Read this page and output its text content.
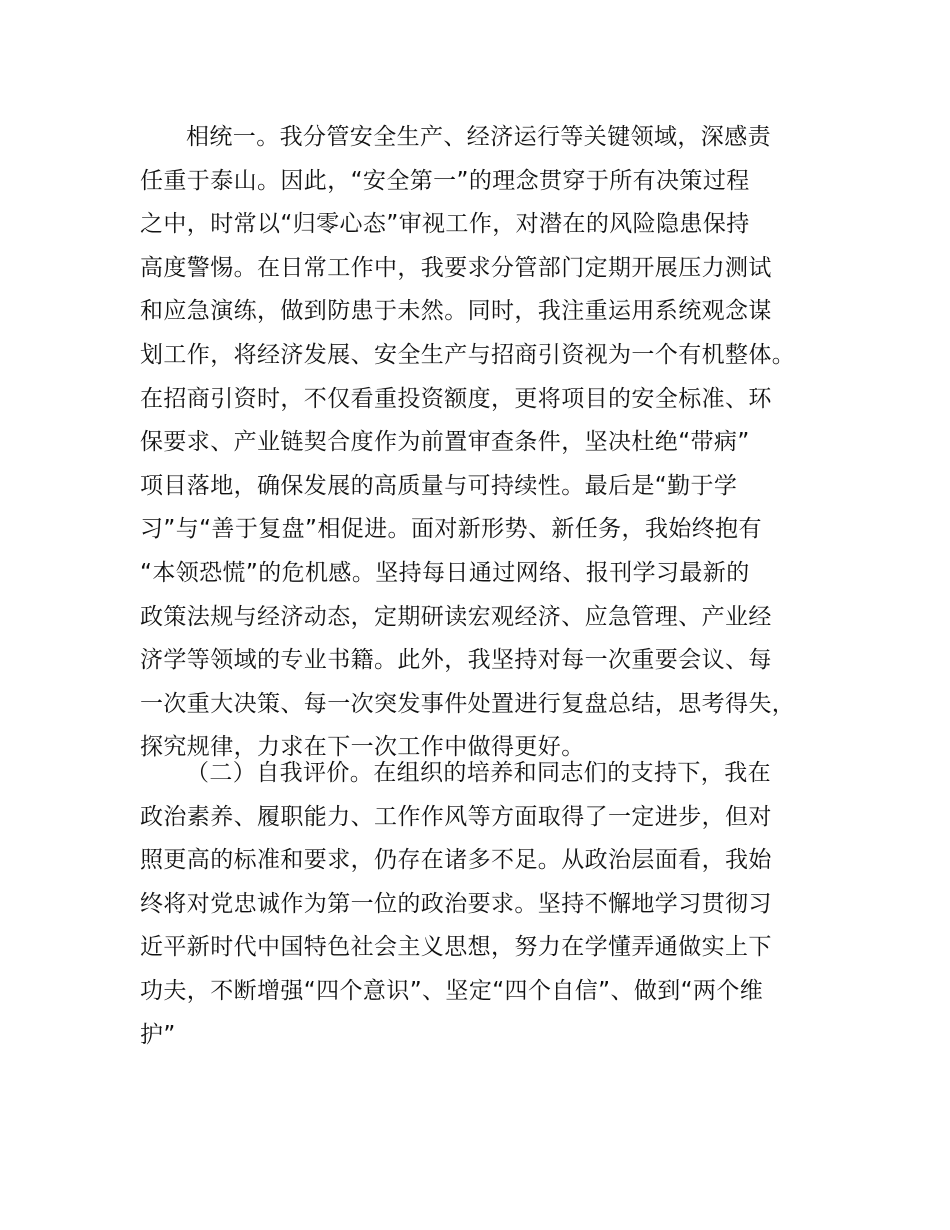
相统一。我分管安全生产、经济运行等关键领域，深感责
任重于泰山。因此，“安全第一”的理念贯穿于所有决策过程
之中，时常以“归零心态”审视工作，对潜在的风险隐患保持
高度警惕。在日常工作中，我要求分管部门定期开展压力测试
和应急演练，做到防患于未然。同时，我注重运用系统观念谋
划工作，将经济发展、安全生产与招商引资视为一个有机整体。
在招商引资时，不仅看重投资额度，更将项目的安全标准、环
保要求、产业链契合度作为前置审查条件，坚决杜绝“带病”
项目落地，确保发展的高质量与可持续性。最后是“勤于学
习”与“善于复盘”相促进。面对新形势、新任务，我始终抱有
“本领恐慌”的危机感。坚持每日通过网络、报刊学习最新的
政策法规与经济动态，定期研读宏观经济、应急管理、产业经
济学等领域的专业书籍。此外，我坚持对每一次重要会议、每
一次重大决策、每一次突发事件处置进行复盘总结，思考得失，
探究规律，力求在下一次工作中做得更好。
（二）自我评价。在组织的培养和同志们的支持下，我在
政治素养、履职能力、工作作风等方面取得了一定进步，但对
照更高的标准和要求，仍存在诸多不足。从政治层面看，我始
终将对党忠诚作为第一位的政治要求。坚持不懈地学习贯彻习
近平新时代中国特色社会主义思想，努力在学懂弄通做实上下
功夫，不断增强“四个意识”、坚定“四个自信”、做到“两个维
护”
